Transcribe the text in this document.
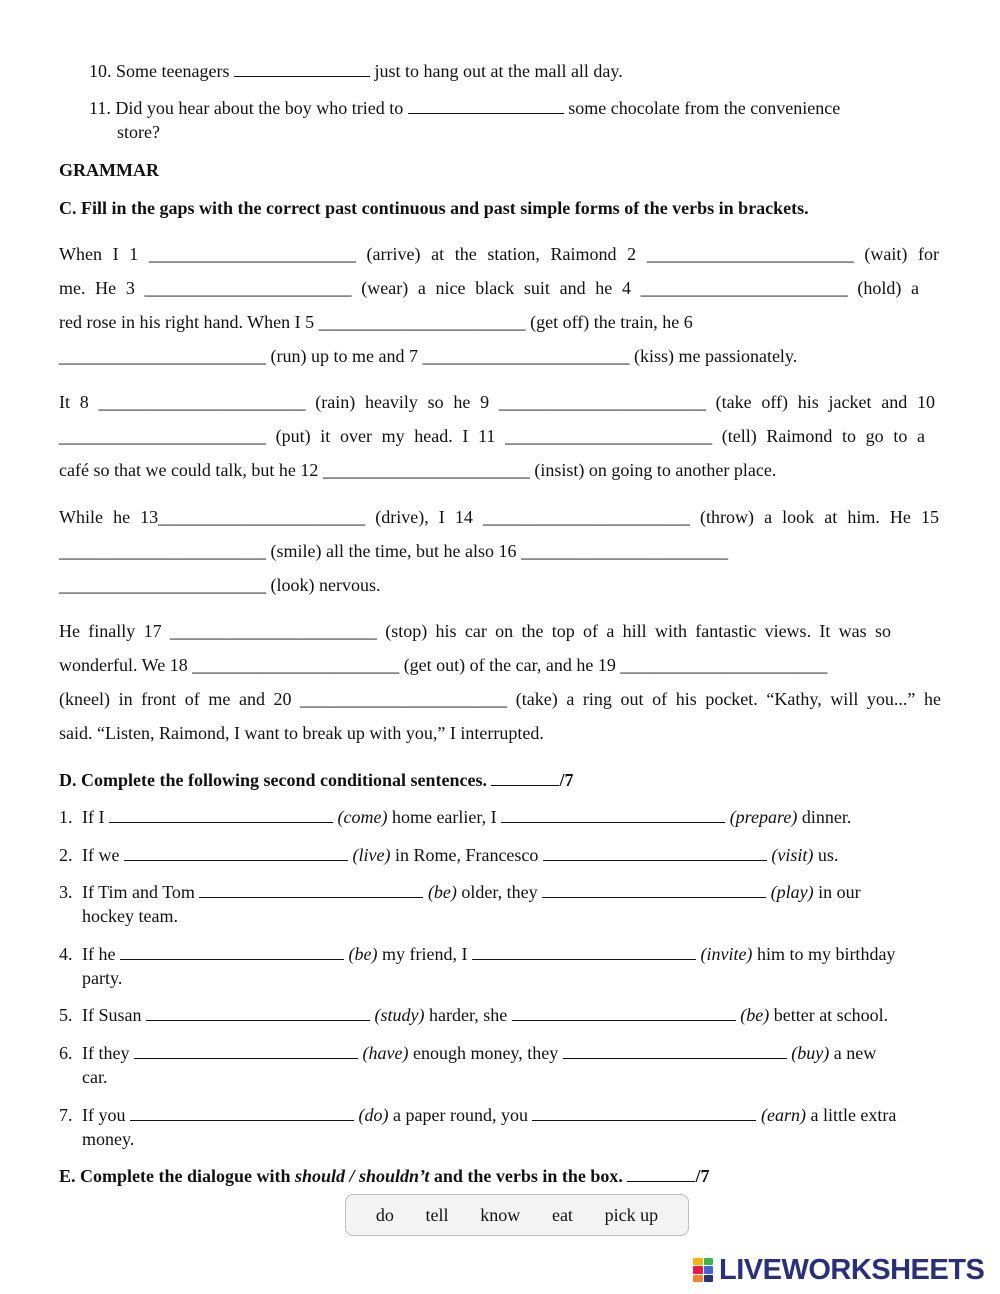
10. Some teenagers	just to hang out at the mall all day.
11. Did you hear about the boy who tried to	some chocolate from the convenience
store?
GRAMMAR
C. Fill in the gaps with the correct past continuous and past simple forms of the verbs in brackets.
When I 1 _______________________ (arrive) at the station, Raimond 2 _______________________ (wait) for
me. He 3 _______________________ (wear) a nice black suit and he 4 _______________________ (hold) a
red rose in his right hand. When I 5 _______________________ (get off) the train, he 6
_______________________ (run) up to me and 7 _______________________ (kiss) me passionately.
It 8 _______________________ (rain) heavily so he 9 _______________________ (take off) his jacket and 10
_______________________ (put) it over my head. I 11 _______________________ (tell) Raimond to go to a
café so that we could talk, but he 12 _______________________ (insist) on going to another place.
While he 13_______________________ (drive), I 14 _______________________ (throw) a look at him. He 15
_______________________ (smile) all the time, but he also 16 _______________________
_______________________ (look) nervous.
He finally 17 _______________________ (stop) his car on the top of a hill with fantastic views. It was so
wonderful. We 18 _______________________ (get out) of the car, and he 19 _______________________
(kneel) in front of me and 20 _______________________ (take) a ring out of his pocket. “Kathy, will you...” he
said. “Listen, Raimond, I want to break up with you,” I interrupted.
D. Complete the following second conditional sentences.	/7
1. If I	(come) home earlier, I	(prepare) dinner.
2. If we	(live) in Rome, Francesco	(visit) us.
3. If Tim and Tom	(be) older, they	(play) in our
hockey team.
4. If he	(be) my friend, I	(invite) him to my birthday
party.
5. If Susan	(study) harder, she	(be) better at school.
6. If they	(have) enough money, they	(buy) a new
car.
7. If you	(do) a paper round, you	(earn) a little extra
money.
E. Complete the dialogue with should / shouldn’t and the verbs in the box.	/7
do tell know eat pick up
LIVEWORKSHEETS
